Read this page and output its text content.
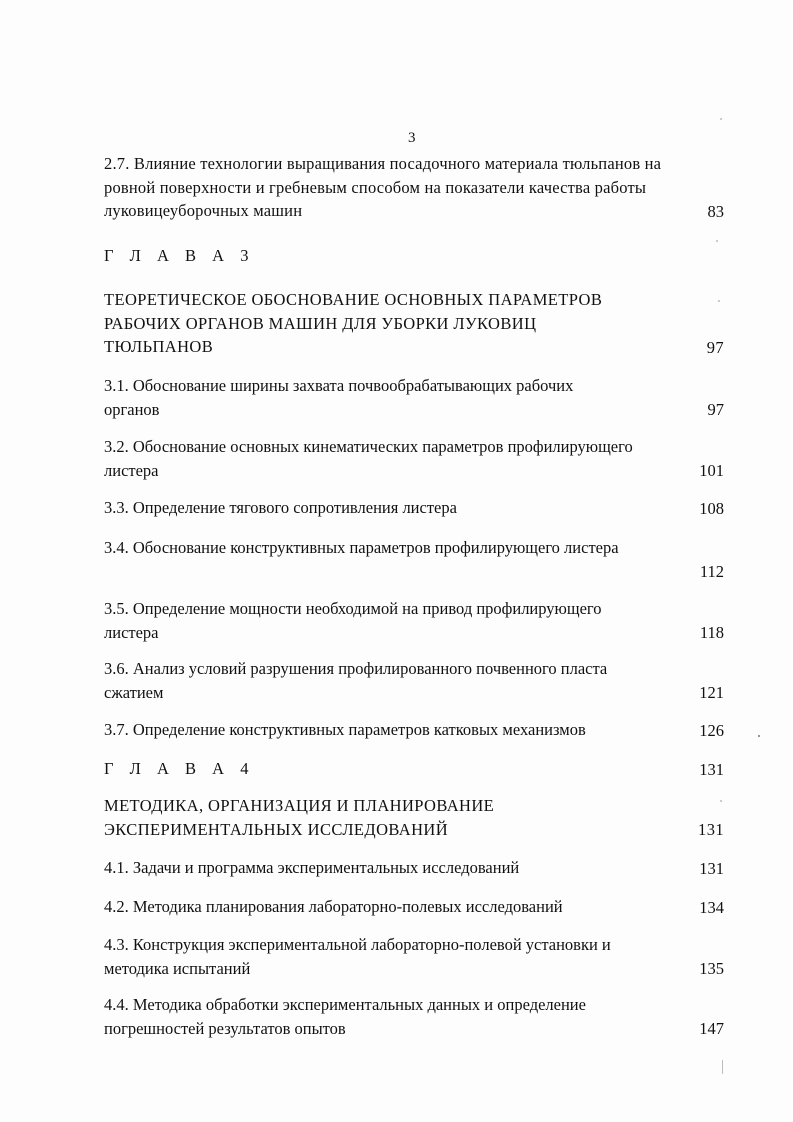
3
2.7. Влияние технологии выращивания посадочного материала тюльпанов на
ровной поверхности и гребневым способом на показатели качества работы
луковицеуборочных машин	83
Г Л А В А 3
ТЕОРЕТИЧЕСКОЕ ОБОСНОВАНИЕ ОСНОВНЫХ ПАРАМЕТРОВ
РАБОЧИХ ОРГАНОВ МАШИН ДЛЯ УБОРКИ ЛУКОВИЦ
ТЮЛЬПАНОВ	97
3.1. Обоснование ширины захвата почвообрабатывающих рабочих
органов	97
3.2. Обоснование основных кинематических параметров профилирующего
листера	101
3.3. Определение тягового сопротивления листера	108
3.4. Обоснование конструктивных параметров профилирующего листера
112
3.5. Определение мощности необходимой на привод профилирующего
листера	118
3.6. Анализ условий разрушения профилированного почвенного пласта
сжатием	121
3.7. Определение конструктивных параметров катковых механизмов	126
Г Л А В А 4	131
МЕТОДИКА, ОРГАНИЗАЦИЯ И ПЛАНИРОВАНИЕ
ЭКСПЕРИМЕНТАЛЬНЫХ ИССЛЕДОВАНИЙ	131
4.1. Задачи и программа экспериментальных исследований	131
4.2. Методика планирования лабораторно-полевых исследований	134
4.3. Конструкция экспериментальной лабораторно-полевой установки и
методика испытаний	135
4.4. Методика обработки экспериментальных данных и определение
погрешностей результатов опытов	147
